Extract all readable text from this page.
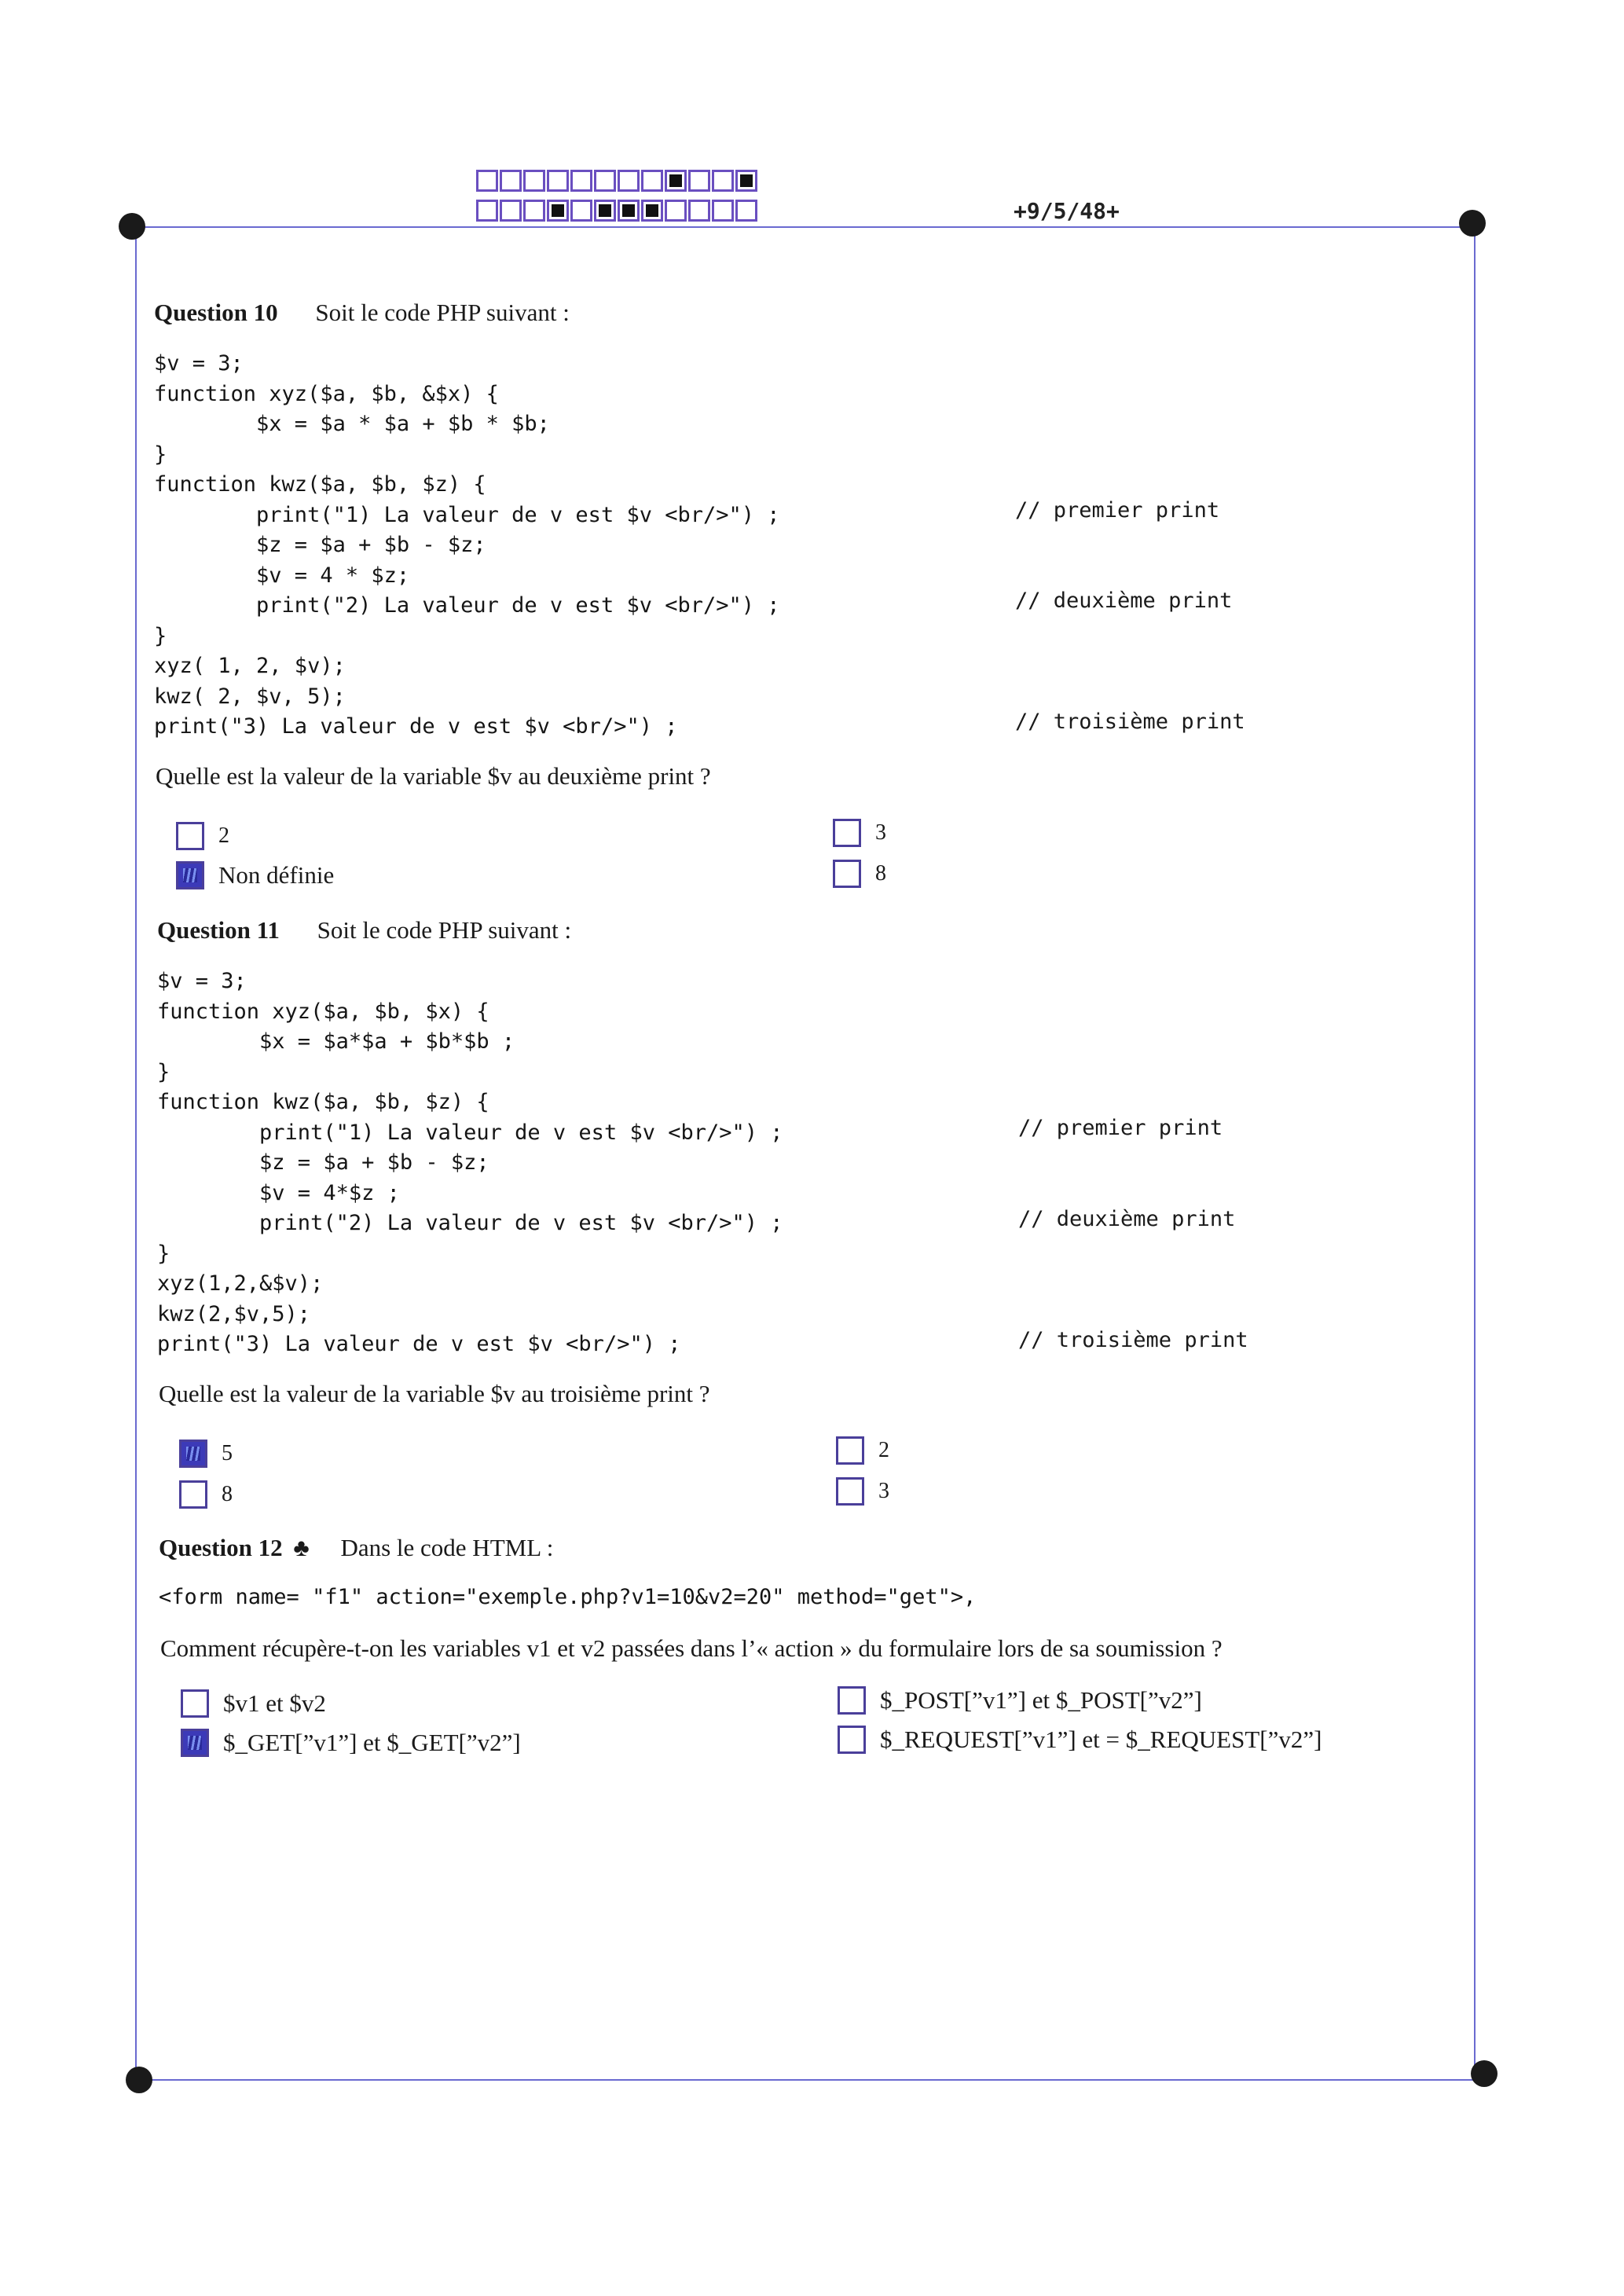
+9/5/48+
Question 10 Soit le code PHP suivant :
$v = 3;
function xyz($a, $b, &$x) {
$x = $a * $a + $b * $b;
}
function kwz($a, $b, $z) {
print("1) La valeur de v est $v <br/>") ;
$z = $a + $b - $z;
$v = 4 * $z;
print("2) La valeur de v est $v <br/>") ;
}
xyz( 1, 2, $v);
kwz( 2, $v, 5);
print("3) La valeur de v est $v <br/>") ;
// premier print
// deuxième print
// troisième print
Quelle est la valeur de la variable $v au deuxième print ?
2	3
Non définie	8
Question 11 Soit le code PHP suivant :
$v = 3;
function xyz($a, $b, $x) {
$x = $a*$a + $b*$b ;
}
function kwz($a, $b, $z) {
print("1) La valeur de v est $v <br/>") ;
$z = $a + $b - $z;
$v = 4*$z ;
print("2) La valeur de v est $v <br/>") ;
}
xyz(1,2,&$v);
kwz(2,$v,5);
print("3) La valeur de v est $v <br/>") ;
// premier print
// deuxième print
// troisième print
Quelle est la valeur de la variable $v au troisième print ?
5	2
8	3
Question 12 ♣ Dans le code HTML :
<form name= "f1" action="exemple.php?v1=10&v2=20" method="get">,
Comment récupère-t-on les variables v1 et v2 passées dans l’« action » du formulaire lors de sa soumission ?
$v1 et $v2	$_POST[”v1”] et $_POST[”v2”]
$_GET[”v1”] et $_GET[”v2”]	$_REQUEST[”v1”] et = $_REQUEST[”v2”]
